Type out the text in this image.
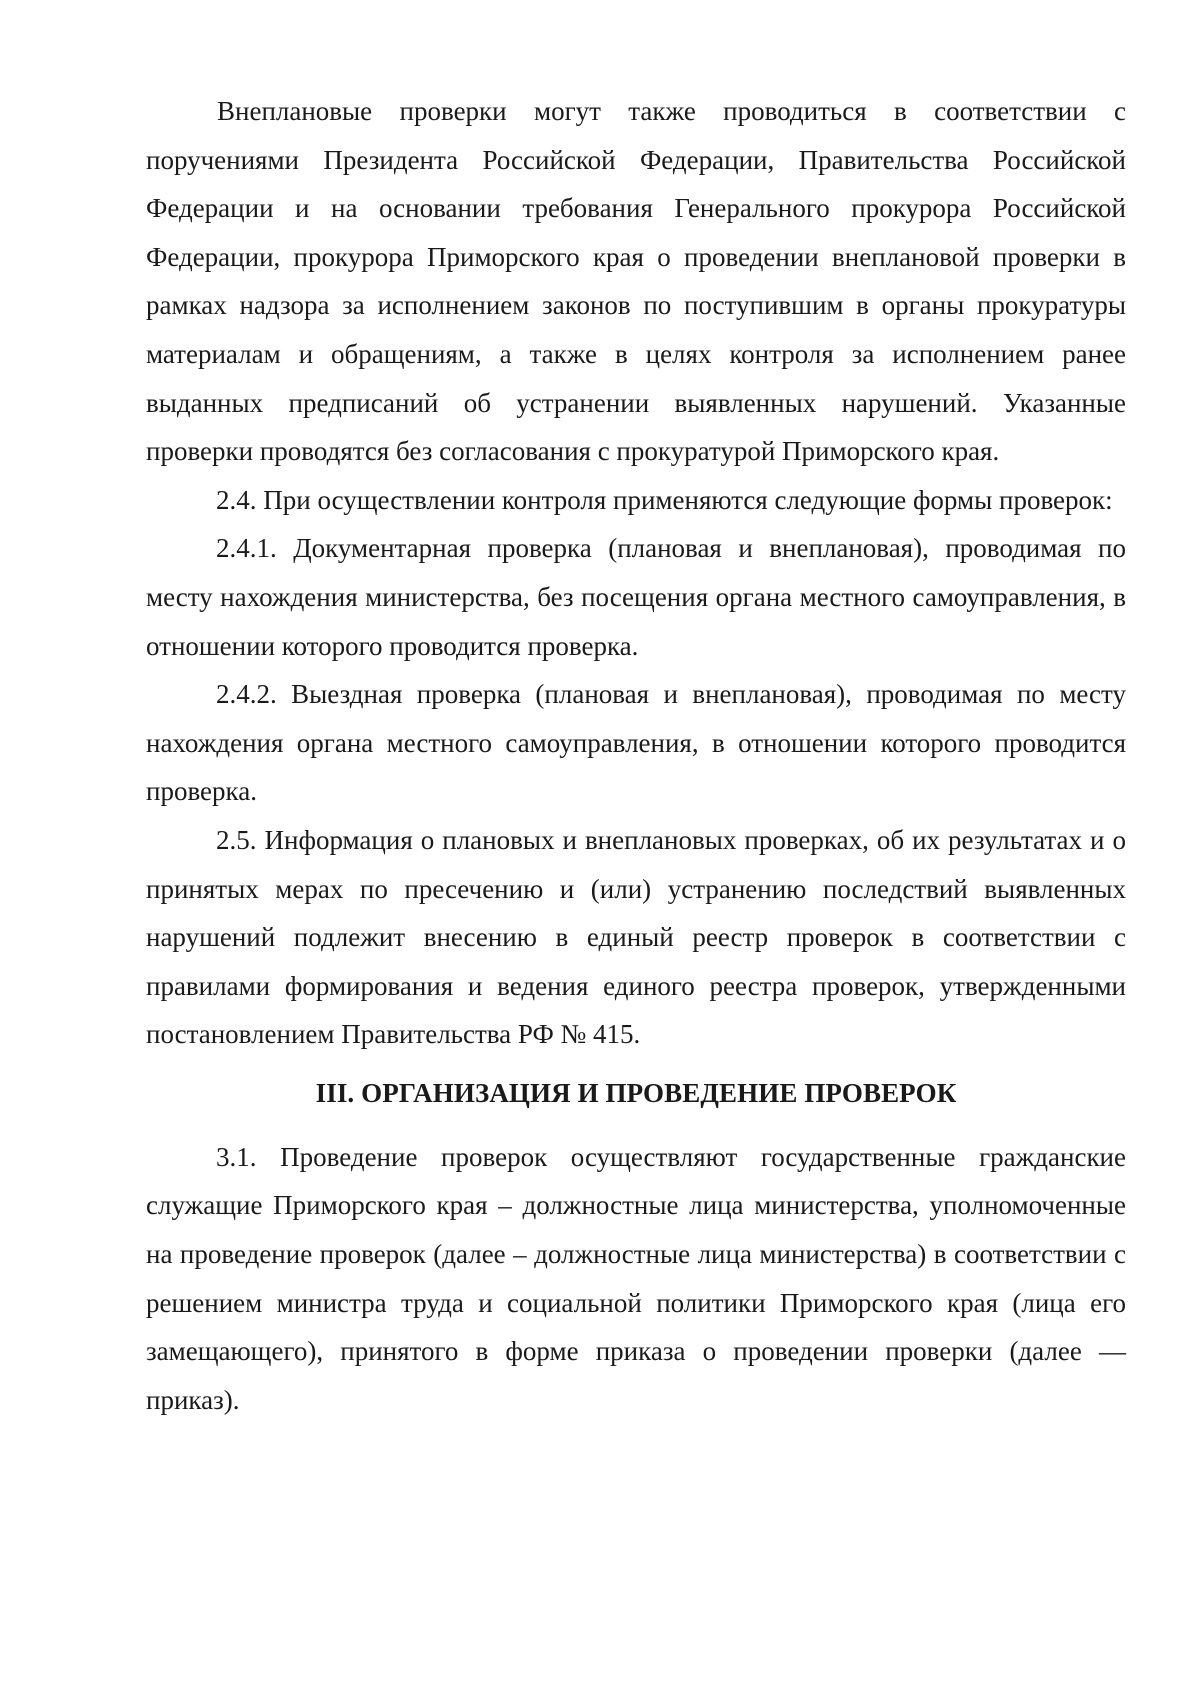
Внеплановые проверки могут также проводиться в соответствии с поручениями Президента Российской Федерации, Правительства Российской Федерации и на основании требования Генерального прокурора Российской Федерации, прокурора Приморского края о проведении внеплановой проверки в рамках надзора за исполнением законов по поступившим в органы прокуратуры материалам и обращениям, а также в целях контроля за исполнением ранее выданных предписаний об устранении выявленных нарушений. Указанные проверки проводятся без согласования с прокуратурой Приморского края.

2.4. При осуществлении контроля применяются следующие формы проверок:

2.4.1. Документарная проверка (плановая и внеплановая), проводимая по месту нахождения министерства, без посещения органа местного самоуправления, в отношении которого проводится проверка.

2.4.2. Выездная проверка (плановая и внеплановая), проводимая по месту нахождения органа местного самоуправления, в отношении которого проводится проверка.

2.5. Информация о плановых и внеплановых проверках, об их результатах и о принятых мерах по пресечению и (или) устранению последствий выявленных нарушений подлежит внесению в единый реестр проверок в соответствии с правилами формирования и ведения единого реестра проверок, утвержденными постановлением Правительства РФ № 415.

III. ОРГАНИЗАЦИЯ И ПРОВЕДЕНИЕ ПРОВЕРОК

3.1. Проведение проверок осуществляют государственные гражданские служащие Приморского края – должностные лица министерства, уполномоченные на проведение проверок (далее – должностные лица министерства) в соответствии с решением министра труда и социальной политики Приморского края (лица его замещающего), принятого в форме приказа о проведении проверки (далее — приказ).
